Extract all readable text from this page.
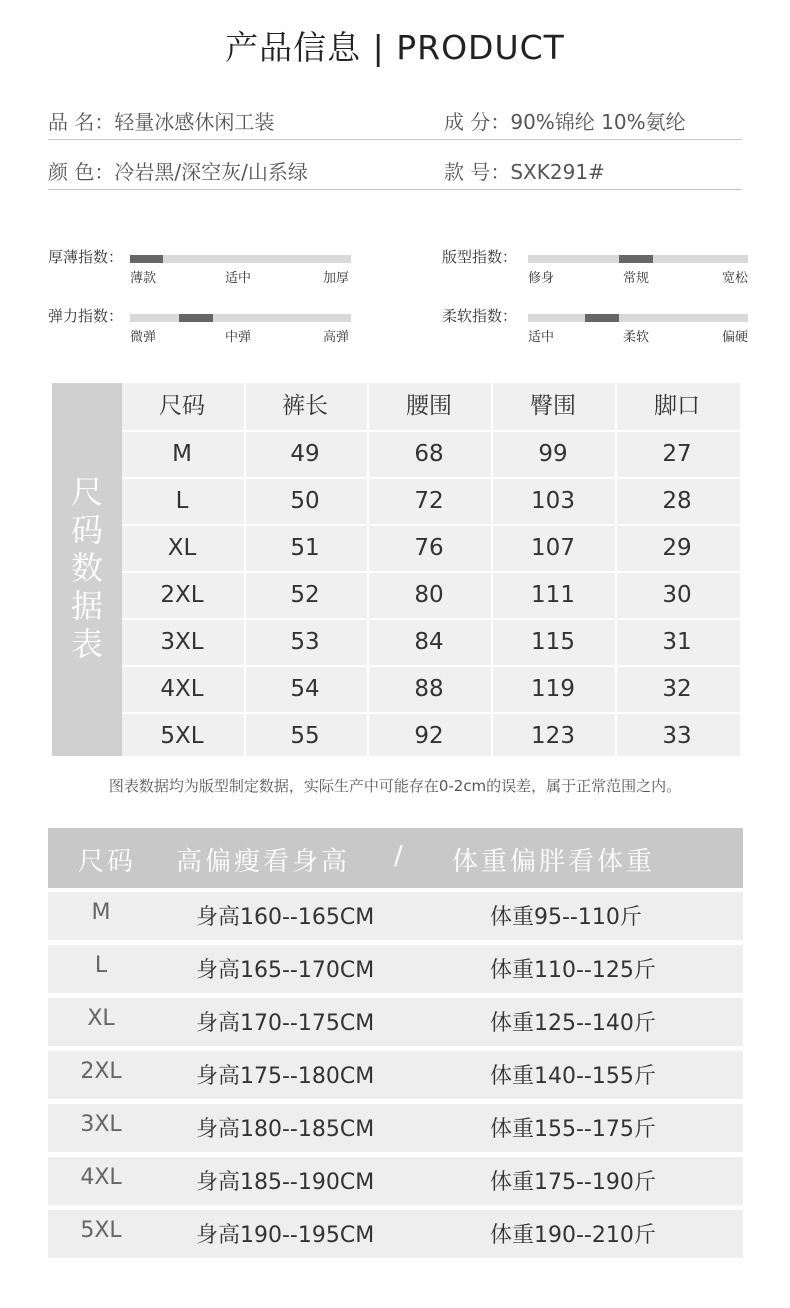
产品信息 | PRODUCT
品 名：轻量冰感休闲工装	成 分：90%锦纶 10%氨纶
颜 色：冷岩黑/深空灰/山系绿	款 号：SXK291#
厚薄指数：
薄款	适中	加厚
版型指数：
修身	常规	宽松
弹力指数：
微弹	中弹	高弹
柔软指数：
适中	柔软	偏硬
尺
码
数
据
表
尺码	裤长	腰围	臀围	脚口
M	49	68	99	27
L	50	72	103	28
XL	51	76	107	29
2XL	52	80	111	30
3XL	53	84	115	31
4XL	54	88	119	32
5XL	55	92	123	33
图表数据均为版型制定数据，实际生产中可能存在0-2cm的误差，属于正常范围之内。
尺码 高偏瘦看身高 / 体重偏胖看体重
M	身高160--165CM	体重95--110斤
L	身高165--170CM	体重110--125斤
XL	身高170--175CM	体重125--140斤
2XL	身高175--180CM	体重140--155斤
3XL	身高180--185CM	体重155--175斤
4XL	身高185--190CM	体重175--190斤
5XL	身高190--195CM	体重190--210斤
